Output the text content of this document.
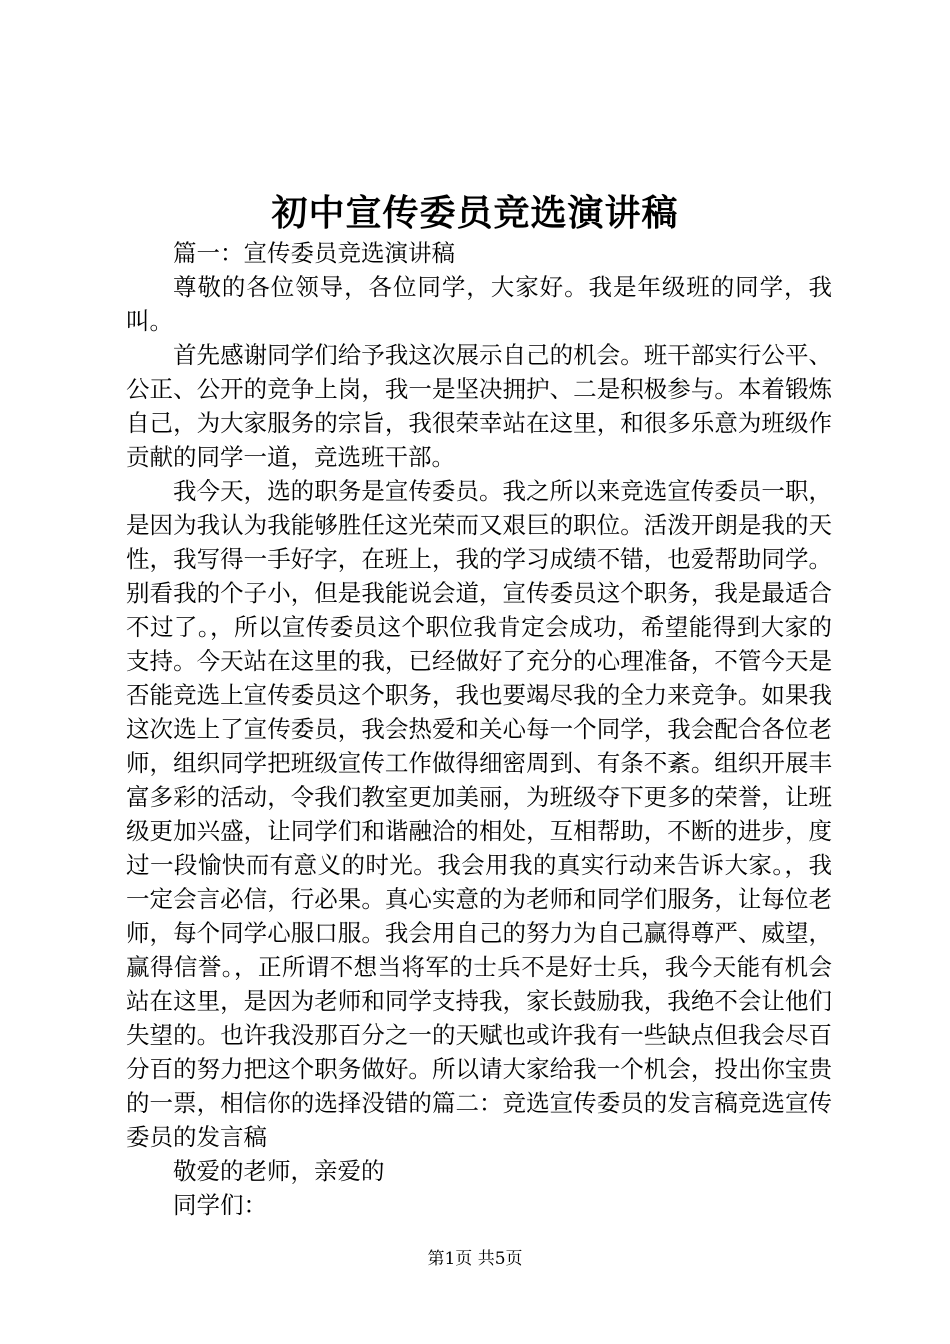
初中宣传委员竞选演讲稿

篇一：宣传委员竞选演讲稿

尊敬的各位领导，各位同学，大家好。我是年级班的同学，我叫。

首先感谢同学们给予我这次展示自己的机会。班干部实行公平、公正、公开的竞争上岗，我一是坚决拥护、二是积极参与。本着锻炼自己，为大家服务的宗旨，我很荣幸站在这里，和很多乐意为班级作贡献的同学一道，竞选班干部。

我今天，选的职务是宣传委员。我之所以来竞选宣传委员一职，是因为我认为我能够胜任这光荣而又艰巨的职位。活泼开朗是我的天性，我写得一手好字，在班上，我的学习成绩不错，也爱帮助同学。别看我的个子小，但是我能说会道，宣传委员这个职务，我是最适合不过了。，所以宣传委员这个职位我肯定会成功，希望能得到大家的支持。今天站在这里的我，已经做好了充分的心理准备，不管今天是否能竞选上宣传委员这个职务，我也要竭尽我的全力来竞争。如果我这次选上了宣传委员，我会热爱和关心每一个同学，我会配合各位老师，组织同学把班级宣传工作做得细密周到、有条不紊。组织开展丰富多彩的活动，令我们教室更加美丽，为班级夺下更多的荣誉，让班级更加兴盛，让同学们和谐融洽的相处，互相帮助，不断的进步，度过一段愉快而有意义的时光。我会用我的真实行动来告诉大家。，我一定会言必信，行必果。真心实意的为老师和同学们服务，让每位老师，每个同学心服口服。我会用自己的努力为自己赢得尊严、威望，赢得信誉。，正所谓不想当将军的士兵不是好士兵，我今天能有机会站在这里，是因为老师和同学支持我，家长鼓励我，我绝不会让他们失望的。也许我没那百分之一的天赋也或许我有一些缺点但我会尽百分百的努力把这个职务做好。所以请大家给我一个机会，投出你宝贵的一票，相信你的选择没错的篇二：竞选宣传委员的发言稿竞选宣传委员的发言稿

敬爱的老师，亲爱的

同学们：

第1页 共5页
